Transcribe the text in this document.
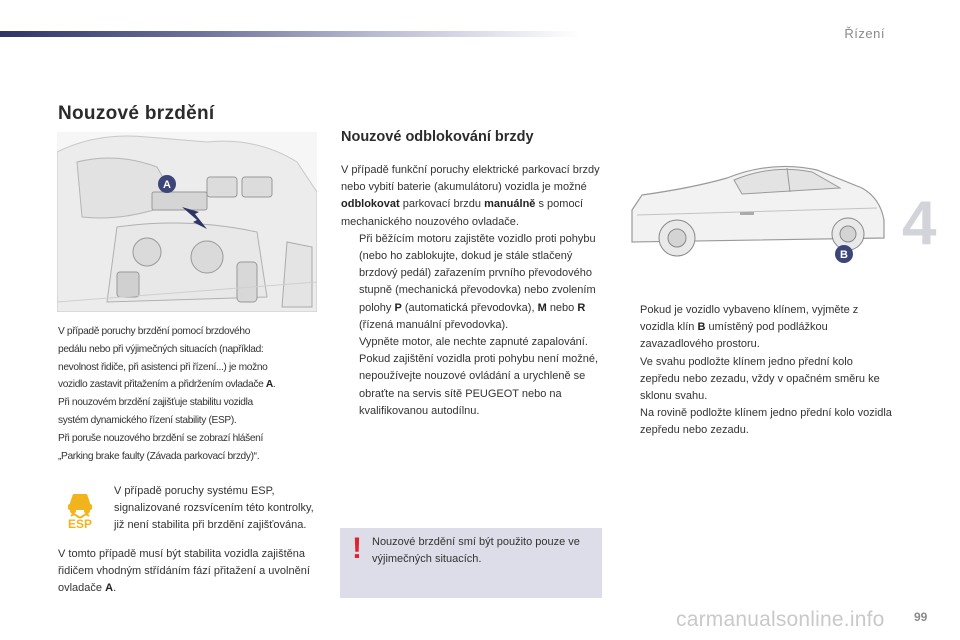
Řízení
4
Nouzové brzdění
A
V případě poruchy brzdění pomocí brzdového
pedálu nebo při výjimečných situacích (například:
nevolnost řidiče, při asistenci při řízení...) je možno
vozidlo zastavit přitažením a přidržením ovladače A.
Při nouzovém brzdění zajišťuje stabilitu vozidla
systém dynamického řízení stability (ESP).
Při poruše nouzového brzdění se zobrazí hlášení
„Parking brake faulty (Závada parkovací brzdy)“.
ESP
V případě poruchy systému ESP, signalizované rozsvícením této kontrolky, již není stabilita při brzdění zajišťována.
V tomto případě musí být stabilita vozidla zajištěna řidičem vhodným střídáním fází přitažení a uvolnění ovladače A.
Nouzové odblokování brzdy

V případě funkční poruchy elektrické parkovací brzdy nebo vybití baterie (akumulátoru) vozidla je možné odblokovat parkovací brzdu manuálně s pomocí mechanického nouzového ovladače.

Při běžícím motoru zajistěte vozidlo proti pohybu (nebo ho zablokujte, dokud je stále stlačený brzdový pedál) zařazením prvního převodového stupně (mechanická převodovka) nebo zvolením polohy P (automatická převodovka), M nebo R (řízená manuální převodovka).

Vypněte motor, ale nechte zapnuté zapalování. Pokud zajištění vozidla proti pohybu není možné, nepoužívejte nouzové ovládání a urychleně se obraťte na servis sítě PEUGEOT nebo na kvalifikovanou autodílnu.

! Nouzové brzdění smí být použito pouze ve výjimečných situacích.
B

Pokud je vozidlo vybaveno klínem, vyjměte z vozidla klín B umístěný pod podlážkou zavazadlového prostoru.

Ve svahu podložte klínem jedno přední kolo zepředu nebo zezadu, vždy v opačném směru ke sklonu svahu.
Na rovině podložte klínem jedno přední kolo vozidla zepředu nebo zezadu.

carmanualsonline.info 99
